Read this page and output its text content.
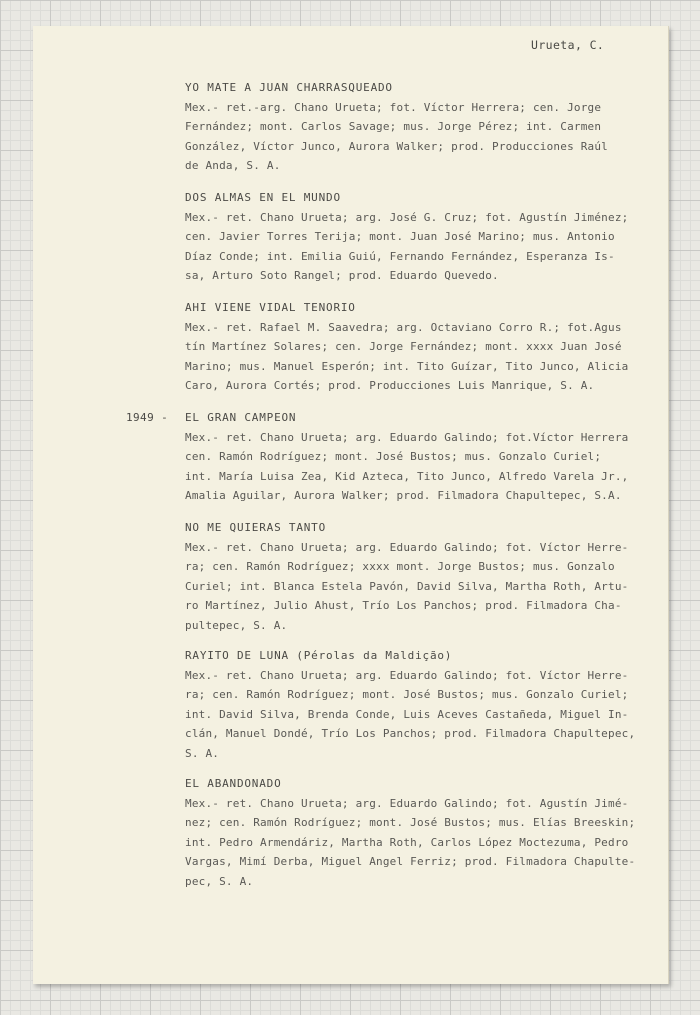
Urueta, C.
1949 -
YO MATE A JUAN CHARRASQUEADO
Mex.- ret.-arg. Chano Urueta; fot. Víctor Herrera; cen. Jorge
Fernández; mont. Carlos Savage; mus. Jorge Pérez; int. Carmen
González, Víctor Junco, Aurora Walker; prod. Producciones Raúl
de Anda, S. A.
DOS ALMAS EN EL MUNDO
Mex.- ret. Chano Urueta; arg. José G. Cruz; fot. Agustín Jiménez;
cen. Javier Torres Terija; mont. Juan José Marino; mus. Antonio
Díaz Conde; int. Emilia Guiú, Fernando Fernández, Esperanza Is-
sa, Arturo Soto Rangel; prod. Eduardo Quevedo.
AHI VIENE VIDAL TENORIO
Mex.- ret. Rafael M. Saavedra; arg. Octaviano Corro R.; fot.Agus
tín Martínez Solares; cen. Jorge Fernández; mont. xxxx Juan José
Marino; mus. Manuel Esperón; int. Tito Guízar, Tito Junco, Alicia
Caro, Aurora Cortés; prod. Producciones Luis Manrique, S. A.
EL GRAN CAMPEON
Mex.- ret. Chano Urueta; arg. Eduardo Galindo; fot.Víctor Herrera
cen. Ramón Rodríguez; mont. José Bustos; mus. Gonzalo Curiel;
int. María Luisa Zea, Kid Azteca, Tito Junco, Alfredo Varela Jr.,
Amalia Aguilar, Aurora Walker; prod. Filmadora Chapultepec, S.A.
NO ME QUIERAS TANTO
Mex.- ret. Chano Urueta; arg. Eduardo Galindo; fot. Víctor Herre-
ra; cen. Ramón Rodríguez; xxxx mont. Jorge Bustos; mus. Gonzalo
Curiel; int. Blanca Estela Pavón, David Silva, Martha Roth, Artu-
ro Martínez, Julio Ahust, Trío Los Panchos; prod. Filmadora Cha-
pultepec, S. A.
RAYITO DE LUNA (Pérolas da Maldição)
Mex.- ret. Chano Urueta; arg. Eduardo Galindo; fot. Víctor Herre-
ra; cen. Ramón Rodríguez; mont. José Bustos; mus. Gonzalo Curiel;
int. David Silva, Brenda Conde, Luis Aceves Castañeda, Miguel In-
clán, Manuel Dondé, Trío Los Panchos; prod. Filmadora Chapultepec,
S. A.
EL ABANDONADO
Mex.- ret. Chano Urueta; arg. Eduardo Galindo; fot. Agustín Jimé-
nez; cen. Ramón Rodríguez; mont. José Bustos; mus. Elías Breeskin;
int. Pedro Armendáriz, Martha Roth, Carlos López Moctezuma, Pedro
Vargas, Mimí Derba, Miguel Angel Ferriz; prod. Filmadora Chapulte-
pec, S. A.
